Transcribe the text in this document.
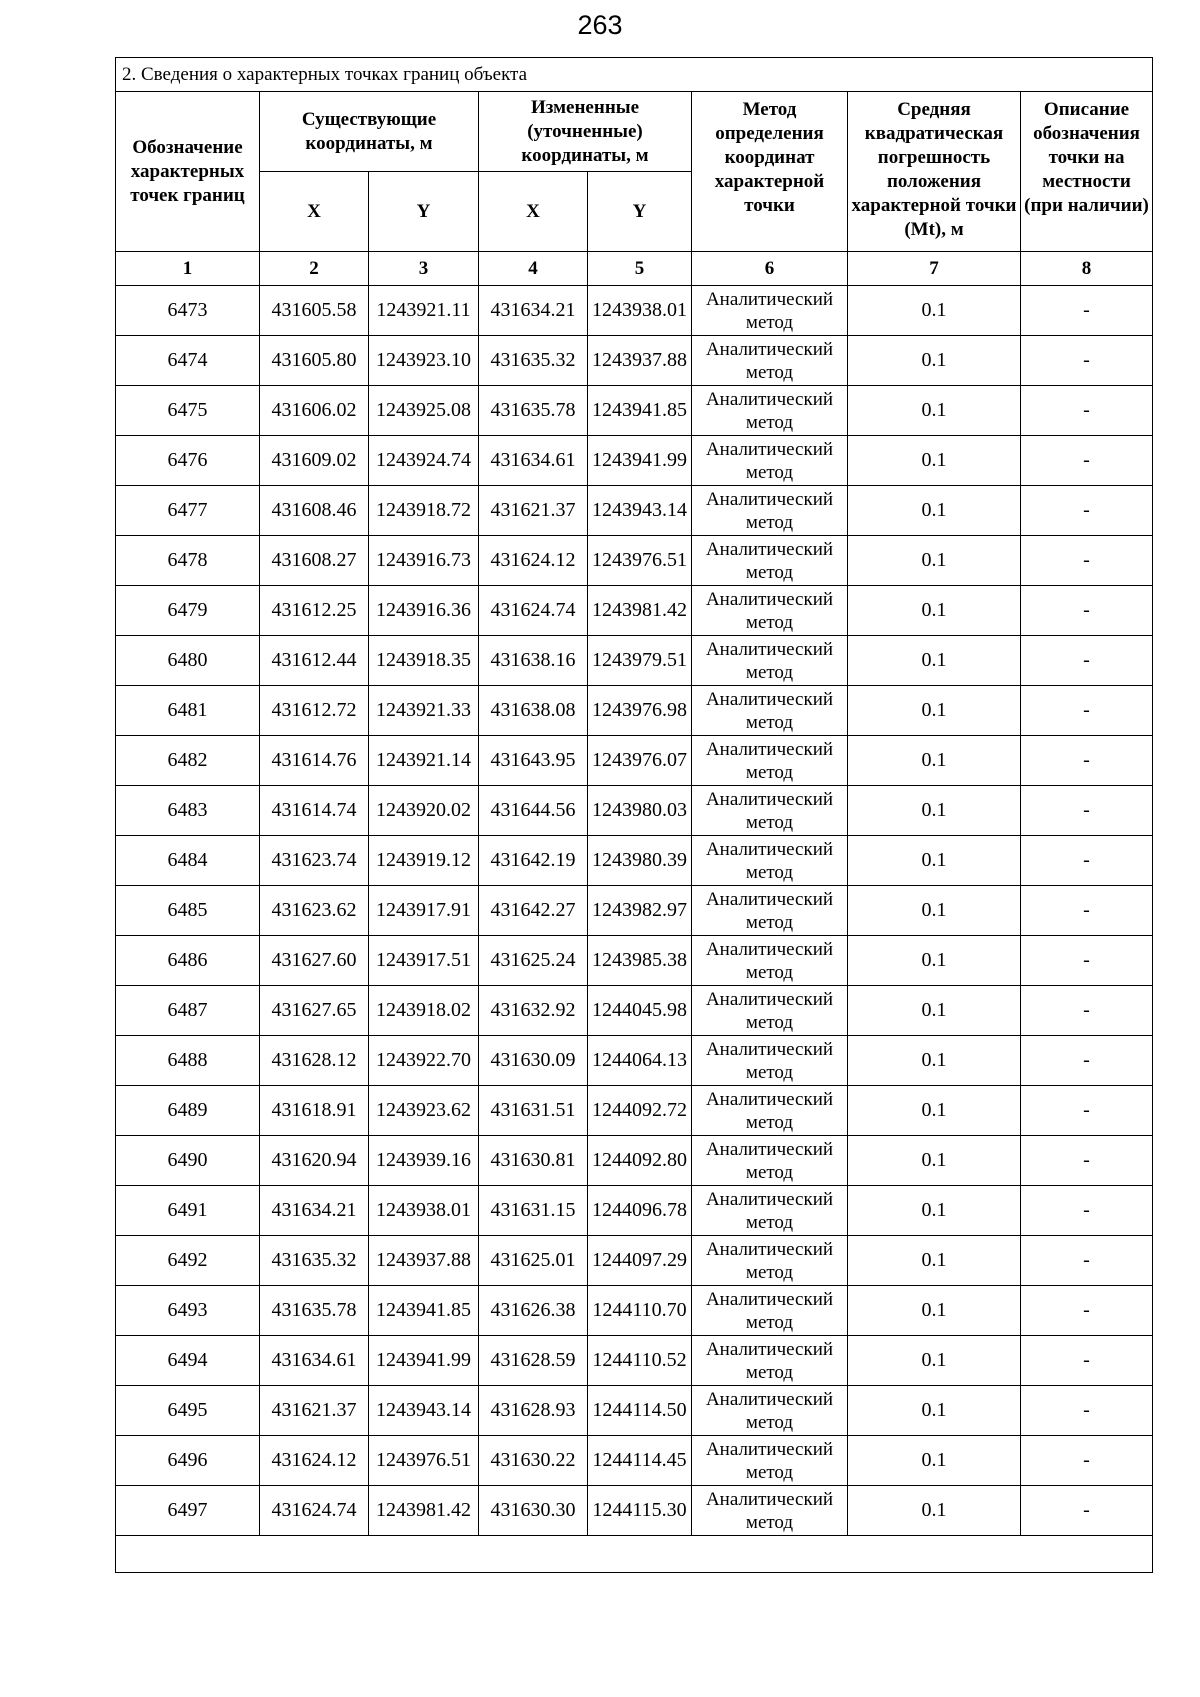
263
2. Сведения о характерных точках границ объекта							
Обозначение характерных точек границ	Существующие координаты, м		Измененные (уточненные) координаты, м		Метод определения координат характерной точки	Средняя квадратическая погрешность положения характерной точки (Mt), м	Описание обозначения точки на местности (при наличии)
	X	Y	X	Y			
1	2	3	4	5	6	7	8
6473	431605.58	1243921.11	431634.21	1243938.01	Аналитический метод	0.1	-
6474	431605.80	1243923.10	431635.32	1243937.88	Аналитический метод	0.1	-
6475	431606.02	1243925.08	431635.78	1243941.85	Аналитический метод	0.1	-
6476	431609.02	1243924.74	431634.61	1243941.99	Аналитический метод	0.1	-
6477	431608.46	1243918.72	431621.37	1243943.14	Аналитический метод	0.1	-
6478	431608.27	1243916.73	431624.12	1243976.51	Аналитический метод	0.1	-
6479	431612.25	1243916.36	431624.74	1243981.42	Аналитический метод	0.1	-
6480	431612.44	1243918.35	431638.16	1243979.51	Аналитический метод	0.1	-
6481	431612.72	1243921.33	431638.08	1243976.98	Аналитический метод	0.1	-
6482	431614.76	1243921.14	431643.95	1243976.07	Аналитический метод	0.1	-
6483	431614.74	1243920.02	431644.56	1243980.03	Аналитический метод	0.1	-
6484	431623.74	1243919.12	431642.19	1243980.39	Аналитический метод	0.1	-
6485	431623.62	1243917.91	431642.27	1243982.97	Аналитический метод	0.1	-
6486	431627.60	1243917.51	431625.24	1243985.38	Аналитический метод	0.1	-
6487	431627.65	1243918.02	431632.92	1244045.98	Аналитический метод	0.1	-
6488	431628.12	1243922.70	431630.09	1244064.13	Аналитический метод	0.1	-
6489	431618.91	1243923.62	431631.51	1244092.72	Аналитический метод	0.1	-
6490	431620.94	1243939.16	431630.81	1244092.80	Аналитический метод	0.1	-
6491	431634.21	1243938.01	431631.15	1244096.78	Аналитический метод	0.1	-
6492	431635.32	1243937.88	431625.01	1244097.29	Аналитический метод	0.1	-
6493	431635.78	1243941.85	431626.38	1244110.70	Аналитический метод	0.1	-
6494	431634.61	1243941.99	431628.59	1244110.52	Аналитический метод	0.1	-
6495	431621.37	1243943.14	431628.93	1244114.50	Аналитический метод	0.1	-
6496	431624.12	1243976.51	431630.22	1244114.45	Аналитический метод	0.1	-
6497	431624.74	1243981.42	431630.30	1244115.30	Аналитический метод	0.1	-
